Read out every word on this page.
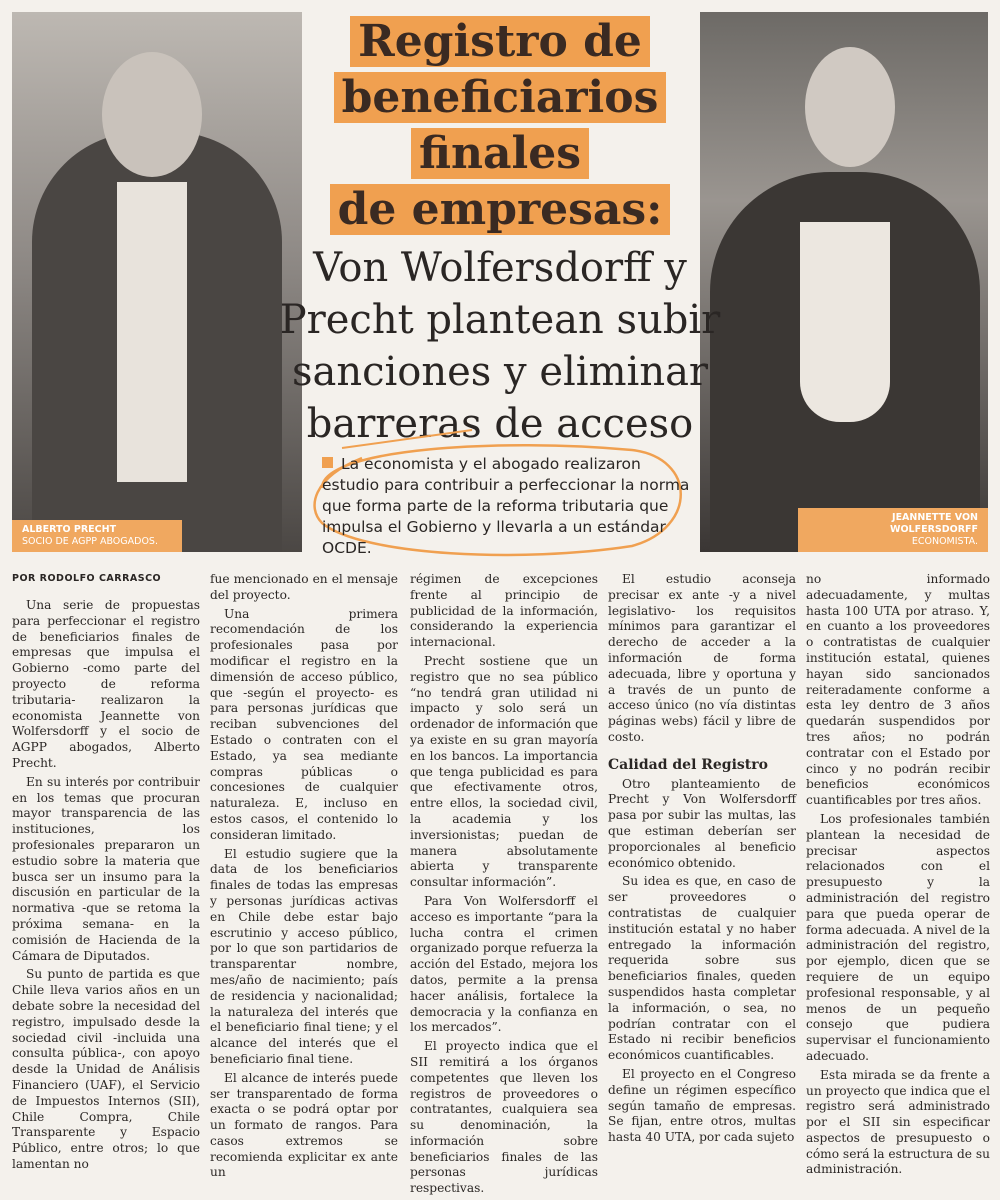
ALBERTO PRECHT
SOCIO DE AGPP ABOGADOS.
JEANNETTE VON WOLFERSDORFF
ECONOMISTA.
Registro de
beneficiarios finales
de empresas:
Von Wolfersdorff y
Precht plantean subir
sanciones y eliminar
barreras de acceso
La economista y el abogado realizaron estudio para contribuir a perfeccionar la norma que forma parte de la reforma tributaria que impulsa el Gobierno y llevarla a un estándar OCDE.
POR RODOLFO CARRASCO

Una serie de propuestas para perfeccionar el registro de beneficiarios finales de empresas que impulsa el Gobierno -como parte del proyecto de reforma tributaria- realizaron la economista Jeannette von Wolfersdorff y el socio de AGPP abogados, Alberto Precht.

En su interés por contribuir en los temas que procuran mayor transparencia de las instituciones, los profesionales prepararon un estudio sobre la materia que busca ser un insumo para la discusión en particular de la normativa -que se retoma la próxima semana- en la comisión de Hacienda de la Cámara de Diputados.

Su punto de partida es que Chile lleva varios años en un debate sobre la necesidad del registro, impulsado desde la sociedad civil -incluida una consulta pública-, con apoyo desde la Unidad de Análisis Financiero (UAF), el Servicio de Impuestos Internos (SII), Chile Compra, Chile Transparente y Espacio Público, entre otros; lo que lamentan no

fue mencionado en el mensaje del proyecto.

Una primera recomendación de los profesionales pasa por modificar el registro en la dimensión de acceso público, que -según el proyecto- es para personas jurídicas que reciban subvenciones del Estado o contraten con el Estado, ya sea mediante compras públicas o concesiones de cualquier naturaleza. E, incluso en estos casos, el contenido lo consideran limitado.

El estudio sugiere que la data de los beneficiarios finales de todas las empresas y personas jurídicas activas en Chile debe estar bajo escrutinio y acceso público, por lo que son partidarios de transparentar nombre, mes/año de nacimiento; país de residencia y nacionalidad; la naturaleza del interés que el beneficiario final tiene; y el alcance del interés que el beneficiario final tiene.

El alcance de interés puede ser transparentado de forma exacta o se podrá optar por un formato de rangos. Para casos extremos se recomienda explicitar ex ante un

régimen de excepciones frente al principio de publicidad de la información, considerando la experiencia internacional.

Precht sostiene que un registro que no sea público “no tendrá gran utilidad ni impacto y solo será un ordenador de información que ya existe en su gran mayoría en los bancos. La importancia que tenga publicidad es para que efectivamente otros, entre ellos, la sociedad civil, la academia y los inversionistas; puedan de manera absolutamente abierta y transparente consultar información”.

Para Von Wolfersdorff el acceso es importante “para la lucha contra el crimen organizado porque refuerza la acción del Estado, mejora los datos, permite a la prensa hacer análisis, fortalece la democracia y la confianza en los mercados”.

El proyecto indica que el SII remitirá a los órganos competentes que lleven los registros de proveedores o contratantes, cualquiera sea su denominación, la información sobre beneficiarios finales de las personas jurídicas respectivas.

El estudio aconseja precisar ex ante -y a nivel legislativo- los requisitos mínimos para garantizar el derecho de acceder a la información de forma adecuada, libre y oportuna y a través de un punto de acceso único (no vía distintas páginas webs) fácil y libre de costo.

Calidad del Registro

Otro planteamiento de Precht y Von Wolfersdorff pasa por subir las multas, las que estiman deberían ser proporcionales al beneficio económico obtenido.

Su idea es que, en caso de ser proveedores o contratistas de cualquier institución estatal y no haber entregado la información requerida sobre sus beneficiarios finales, queden suspendidos hasta completar la información, o sea, no podrían contratar con el Estado ni recibir beneficios económicos cuantificables.

El proyecto en el Congreso define un régimen específico según tamaño de empresas. Se fijan, entre otros, multas hasta 40 UTA, por cada sujeto

no informado adecuadamente, y multas hasta 100 UTA por atraso. Y, en cuanto a los proveedores o contratistas de cualquier institución estatal, quienes hayan sido sancionados reiteradamente conforme a esta ley dentro de 3 años quedarán suspendidos por tres años; no podrán contratar con el Estado por cinco y no podrán recibir beneficios económicos cuantificables por tres años.

Los profesionales también plantean la necesidad de precisar aspectos relacionados con el presupuesto y la administración del registro para que pueda operar de forma adecuada. A nivel de la administración del registro, por ejemplo, dicen que se requiere de un equipo profesional responsable, y al menos de un pequeño consejo que pudiera supervisar el funcionamiento adecuado.

Esta mirada se da frente a un proyecto que indica que el registro será administrado por el SII sin especificar aspectos de presupuesto o cómo será la estructura de su administración.
